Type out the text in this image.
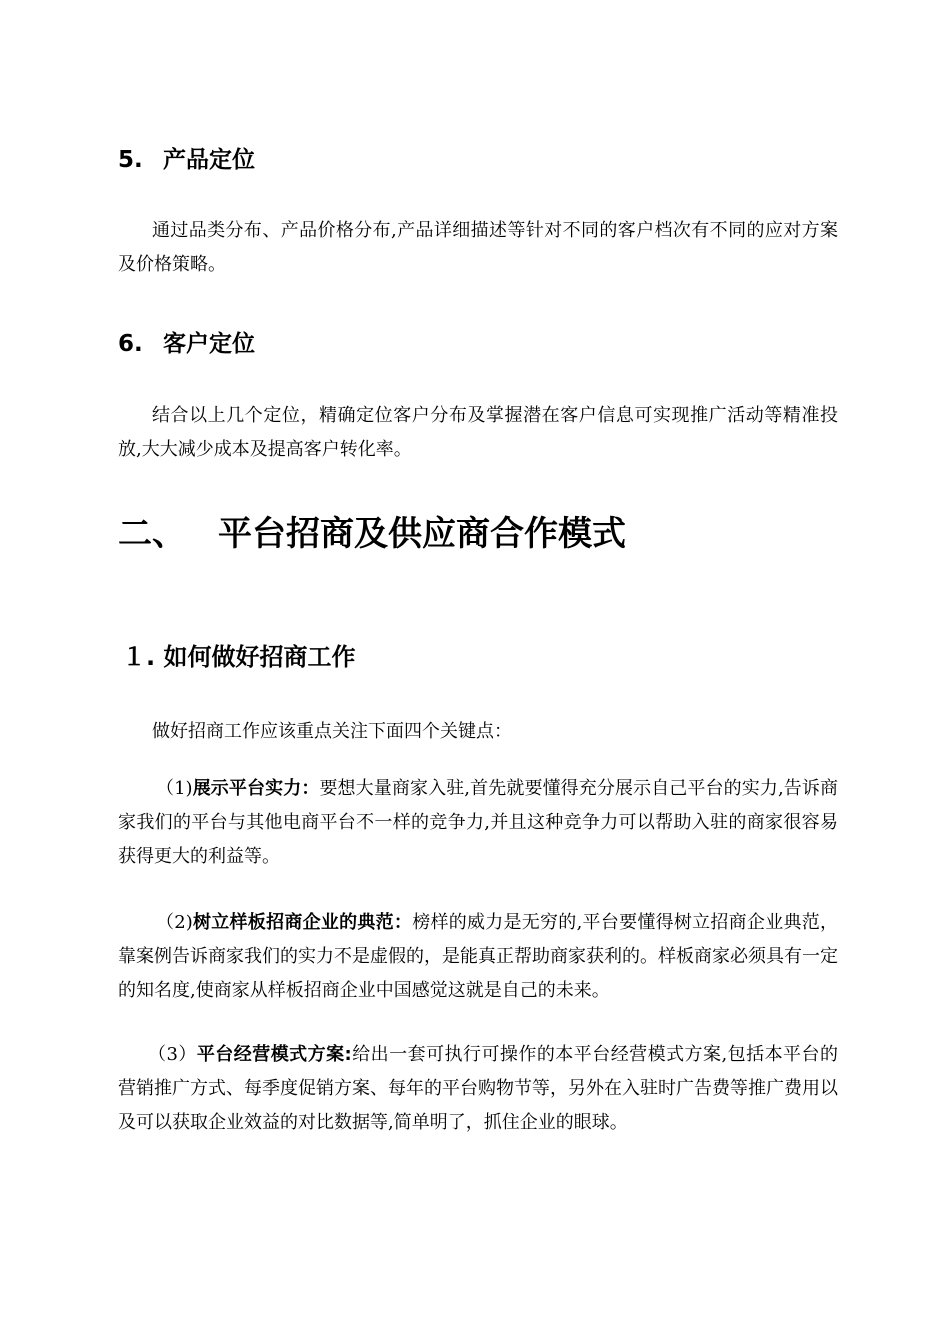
5. 产品定位
通过品类分布、产品价格分布,产品详细描述等针对不同的客户档次有不同的应对方案及价格策略。
6. 客户定位
结合以上几个定位，精确定位客户分布及掌握潜在客户信息可实现推广活动等精准投放,大大减少成本及提高客户转化率。
二、 平台招商及供应商合作模式
１. 如何做好招商工作
做好招商工作应该重点关注下面四个关键点：
（1)展示平台实力：要想大量商家入驻,首先就要懂得充分展示自己平台的实力,告诉商家我们的平台与其他电商平台不一样的竞争力,并且这种竞争力可以帮助入驻的商家很容易获得更大的利益等。
（2)树立样板招商企业的典范：榜样的威力是无穷的,平台要懂得树立招商企业典范，靠案例告诉商家我们的实力不是虚假的，是能真正帮助商家获利的。样板商家必须具有一定的知名度,使商家从样板招商企业中国感觉这就是自己的未来。
（3）平台经营模式方案:给出一套可执行可操作的本平台经营模式方案,包括本平台的营销推广方式、每季度促销方案、每年的平台购物节等，另外在入驻时广告费等推广费用以及可以获取企业效益的对比数据等,简单明了，抓住企业的眼球。
